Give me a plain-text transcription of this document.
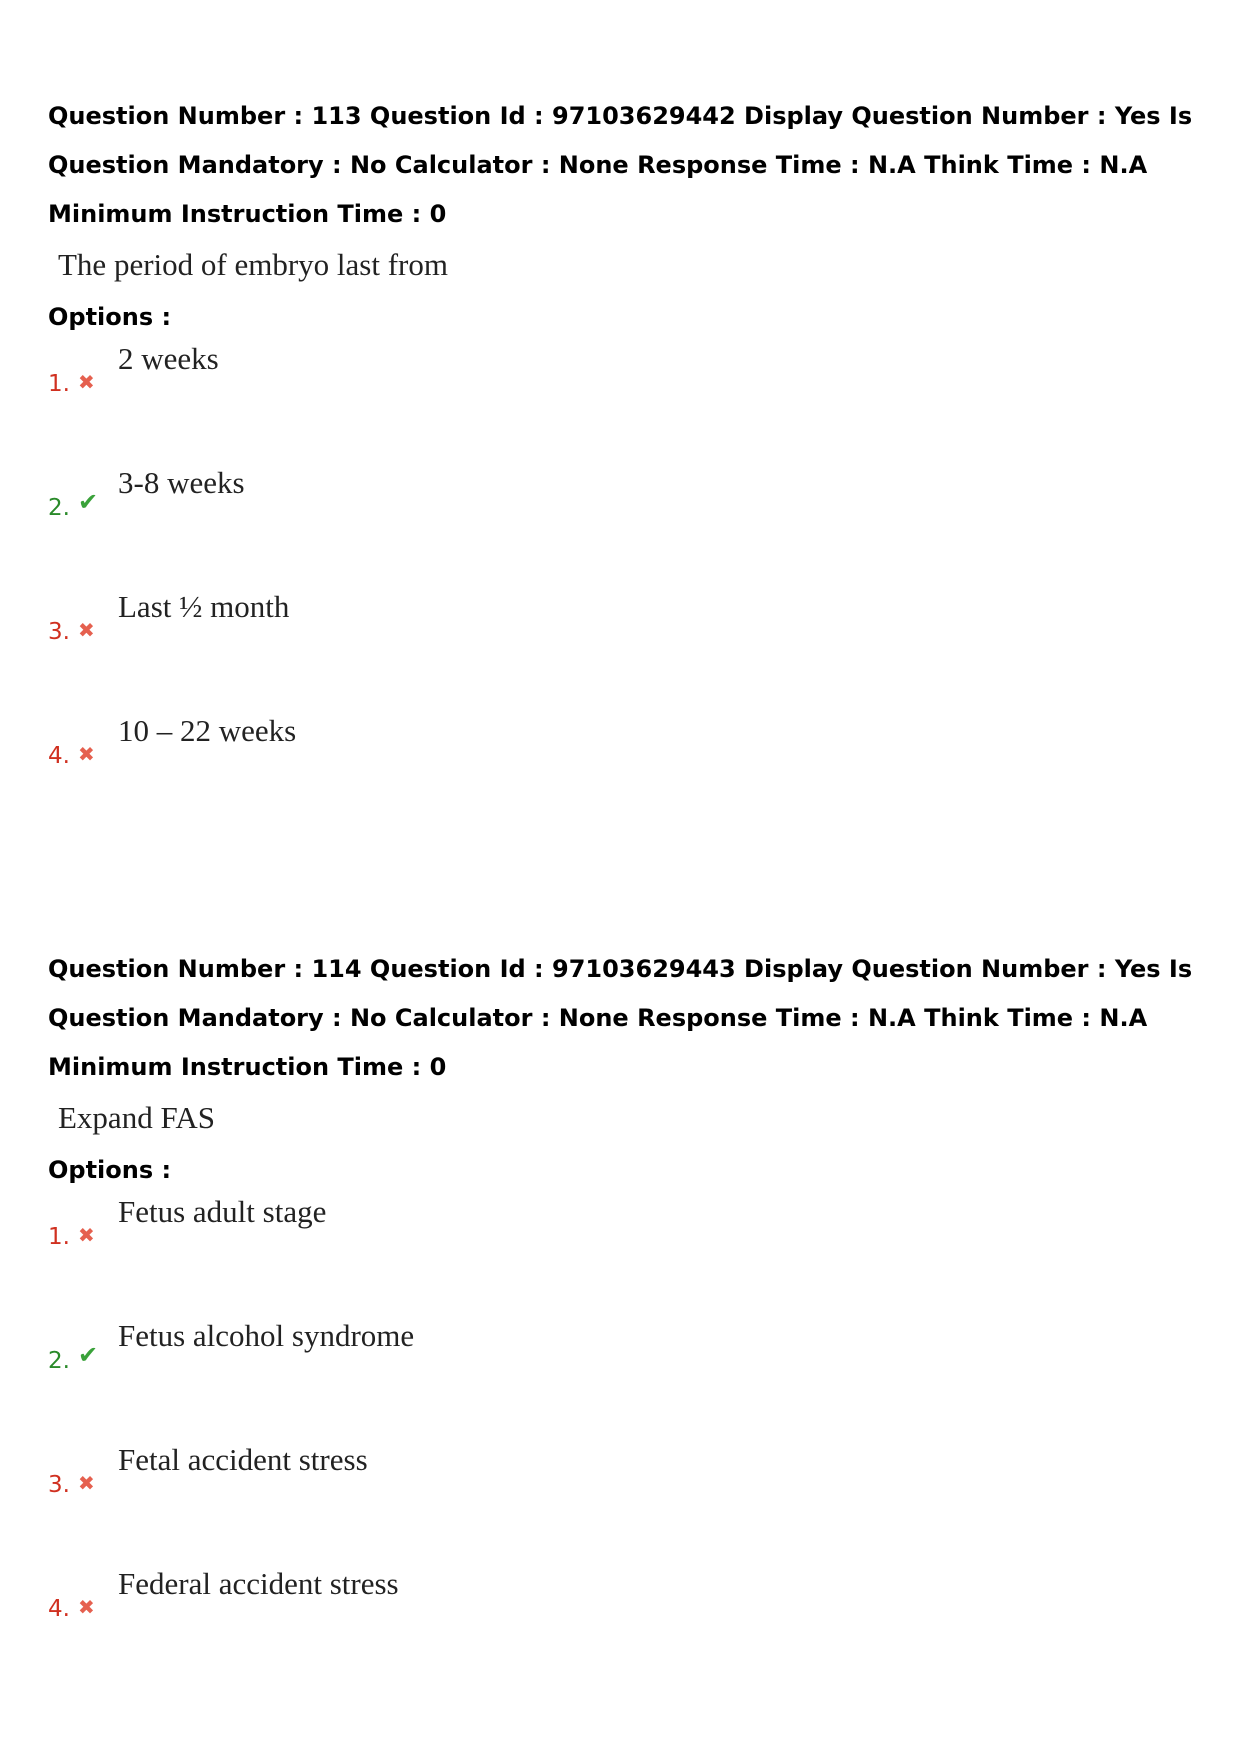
Question Number : 113 Question Id : 97103629442 Display Question Number : Yes Is Question Mandatory : No Calculator : None Response Time : N.A Think Time : N.A Minimum Instruction Time : 0

The period of embryo last from

Options :

1. ✖
2 weeks
2. ✔
3-8 weeks
3. ✖
Last ½ month
4. ✖
10 – 22 weeks

Question Number : 114 Question Id : 97103629443 Display Question Number : Yes Is Question Mandatory : No Calculator : None Response Time : N.A Think Time : N.A Minimum Instruction Time : 0

Expand FAS

Options :

1. ✖
Fetus adult stage
2. ✔
Fetus alcohol syndrome
3. ✖
Fetal accident stress
4. ✖
Federal accident stress
